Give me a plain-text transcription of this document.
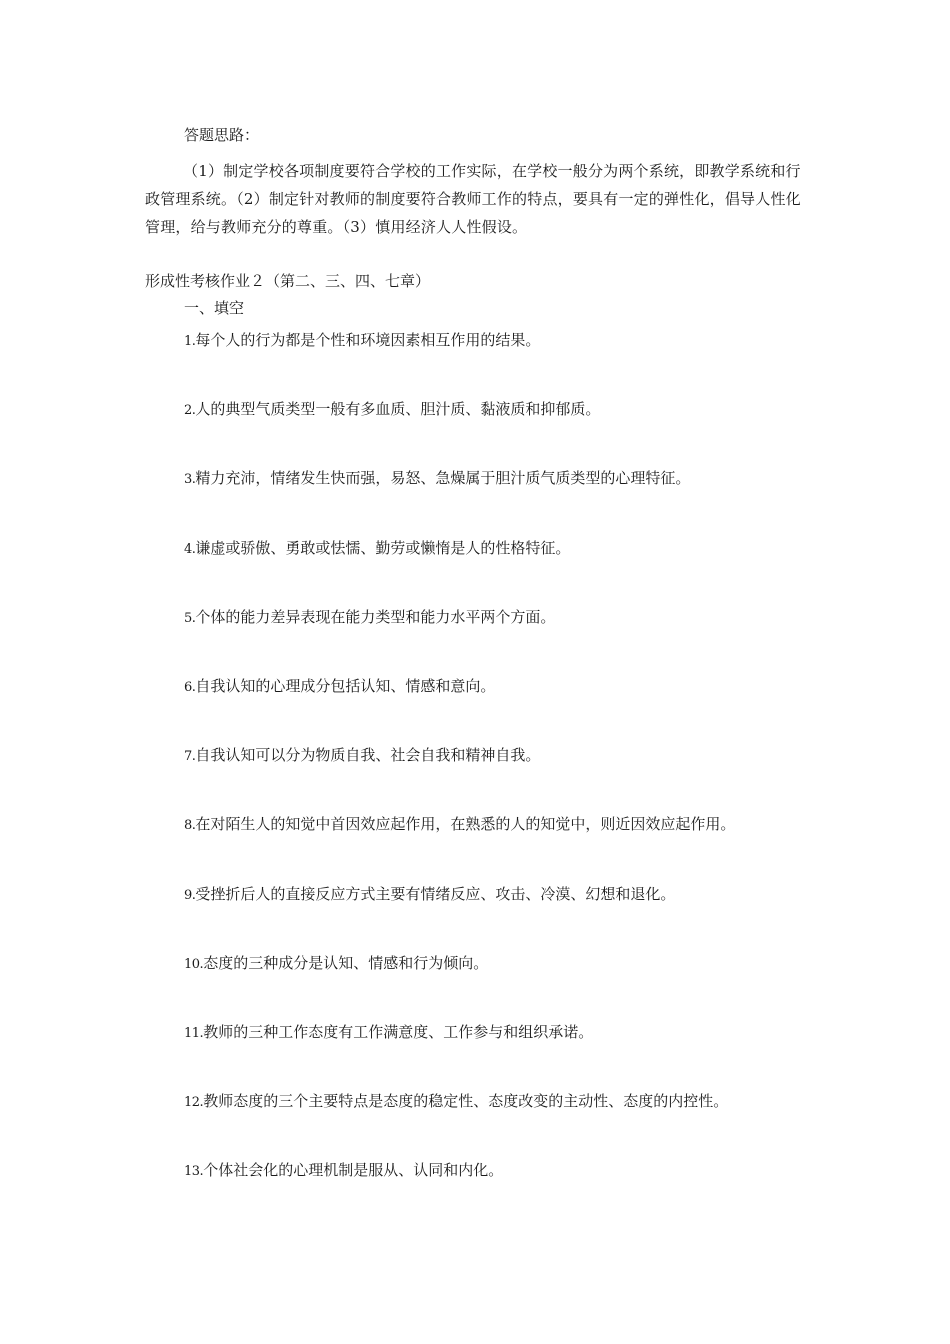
答题思路：
（1）制定学校各项制度要符合学校的工作实际，在学校一般分为两个系统，即教学系统和行政管理系统。（2）制定针对教师的制度要符合教师工作的特点，要具有一定的弹性化，倡导人性化管理，给与教师充分的尊重。（3）慎用经济人人性假设。
形成性考核作业２（第二、三、四、七章）
一、填空
1.每个人的行为都是个性和环境因素相互作用的结果。
2.人的典型气质类型一般有多血质、胆汁质、黏液质和抑郁质。
3.精力充沛，情绪发生快而强，易怒、急燥属于胆汁质气质类型的心理特征。
4.谦虚或骄傲、勇敢或怯懦、勤劳或懒惰是人的性格特征。
5.个体的能力差异表现在能力类型和能力水平两个方面。
6.自我认知的心理成分包括认知、情感和意向。
7.自我认知可以分为物质自我、社会自我和精神自我。
8.在对陌生人的知觉中首因效应起作用，在熟悉的人的知觉中，则近因效应起作用。
9.受挫折后人的直接反应方式主要有情绪反应、攻击、冷漠、幻想和退化。
10.态度的三种成分是认知、情感和行为倾向。
11.教师的三种工作态度有工作满意度、工作参与和组织承诺。
12.教师态度的三个主要特点是态度的稳定性、态度改变的主动性、态度的内控性。
13.个体社会化的心理机制是服从、认同和内化。
